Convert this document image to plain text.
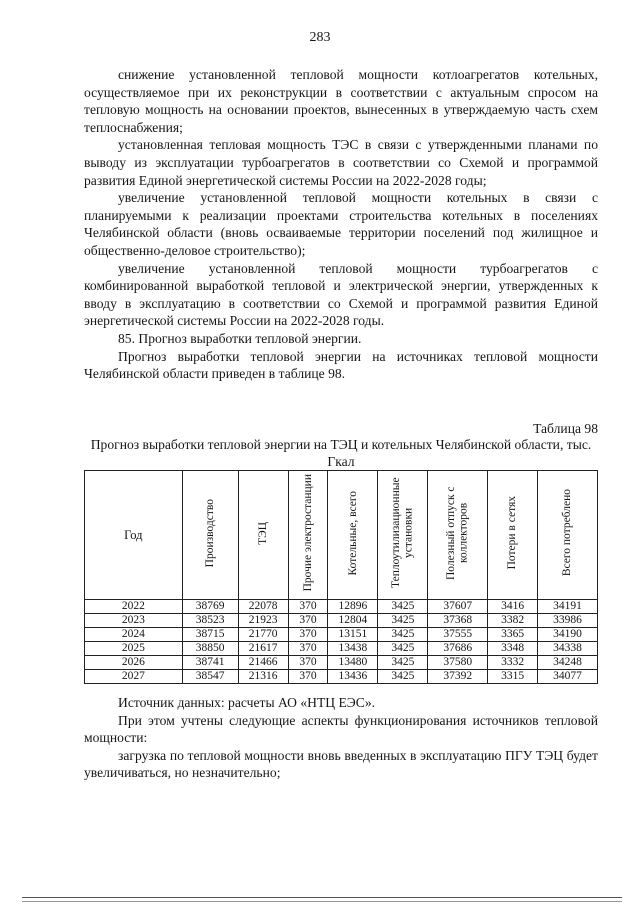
283

снижение установленной тепловой мощности котлоагрегатов котельных, осуществляемое при их реконструкции в соответствии с актуальным спросом на тепловую мощность на основании проектов, вынесенных в утверждаемую часть схем теплоснабжения;

установленная тепловая мощность ТЭС в связи с утвержденными планами по выводу из эксплуатации турбоагрегатов в соответствии со Схемой и программой развития Единой энергетической системы России на 2022-2028 годы;

увеличение установленной тепловой мощности котельных в связи с планируемыми к реализации проектами строительства котельных в поселениях Челябинской области (вновь осваиваемые территории поселений под жилищное и общественно-деловое строительство);

увеличение установленной тепловой мощности турбоагрегатов с комбинированной выработкой тепловой и электрической энергии, утвержденных к вводу в эксплуатацию в соответствии со Схемой и программой развития Единой энергетической системы России на 2022-2028 годы.

85. Прогноз выработки тепловой энергии.

Прогноз выработки тепловой энергии на источниках тепловой мощности Челябинской области приведен в таблице 98.

Таблица 98
Прогноз выработки тепловой энергии на ТЭЦ и котельных Челябинской области, тыс. Гкал
Год	Производство	ТЭЦ	Прочие электростанции	Котельные, всего	Теплоутилизационные установки	Полезный отпуск с коллекторов	Потери в сетях	Всего потреблено
2022	38769	22078	370	12896	3425	37607	3416	34191
2023	38523	21923	370	12804	3425	37368	3382	33986
2024	38715	21770	370	13151	3425	37555	3365	34190
2025	38850	21617	370	13438	3425	37686	3348	34338
2026	38741	21466	370	13480	3425	37580	3332	34248
2027	38547	21316	370	13436	3425	37392	3315	34077

Источник данных: расчеты АО «НТЦ ЕЭС».

При этом учтены следующие аспекты функционирования источников тепловой мощности:

загрузка по тепловой мощности вновь введенных в эксплуатацию ПГУ ТЭЦ будет увеличиваться, но незначительно;
